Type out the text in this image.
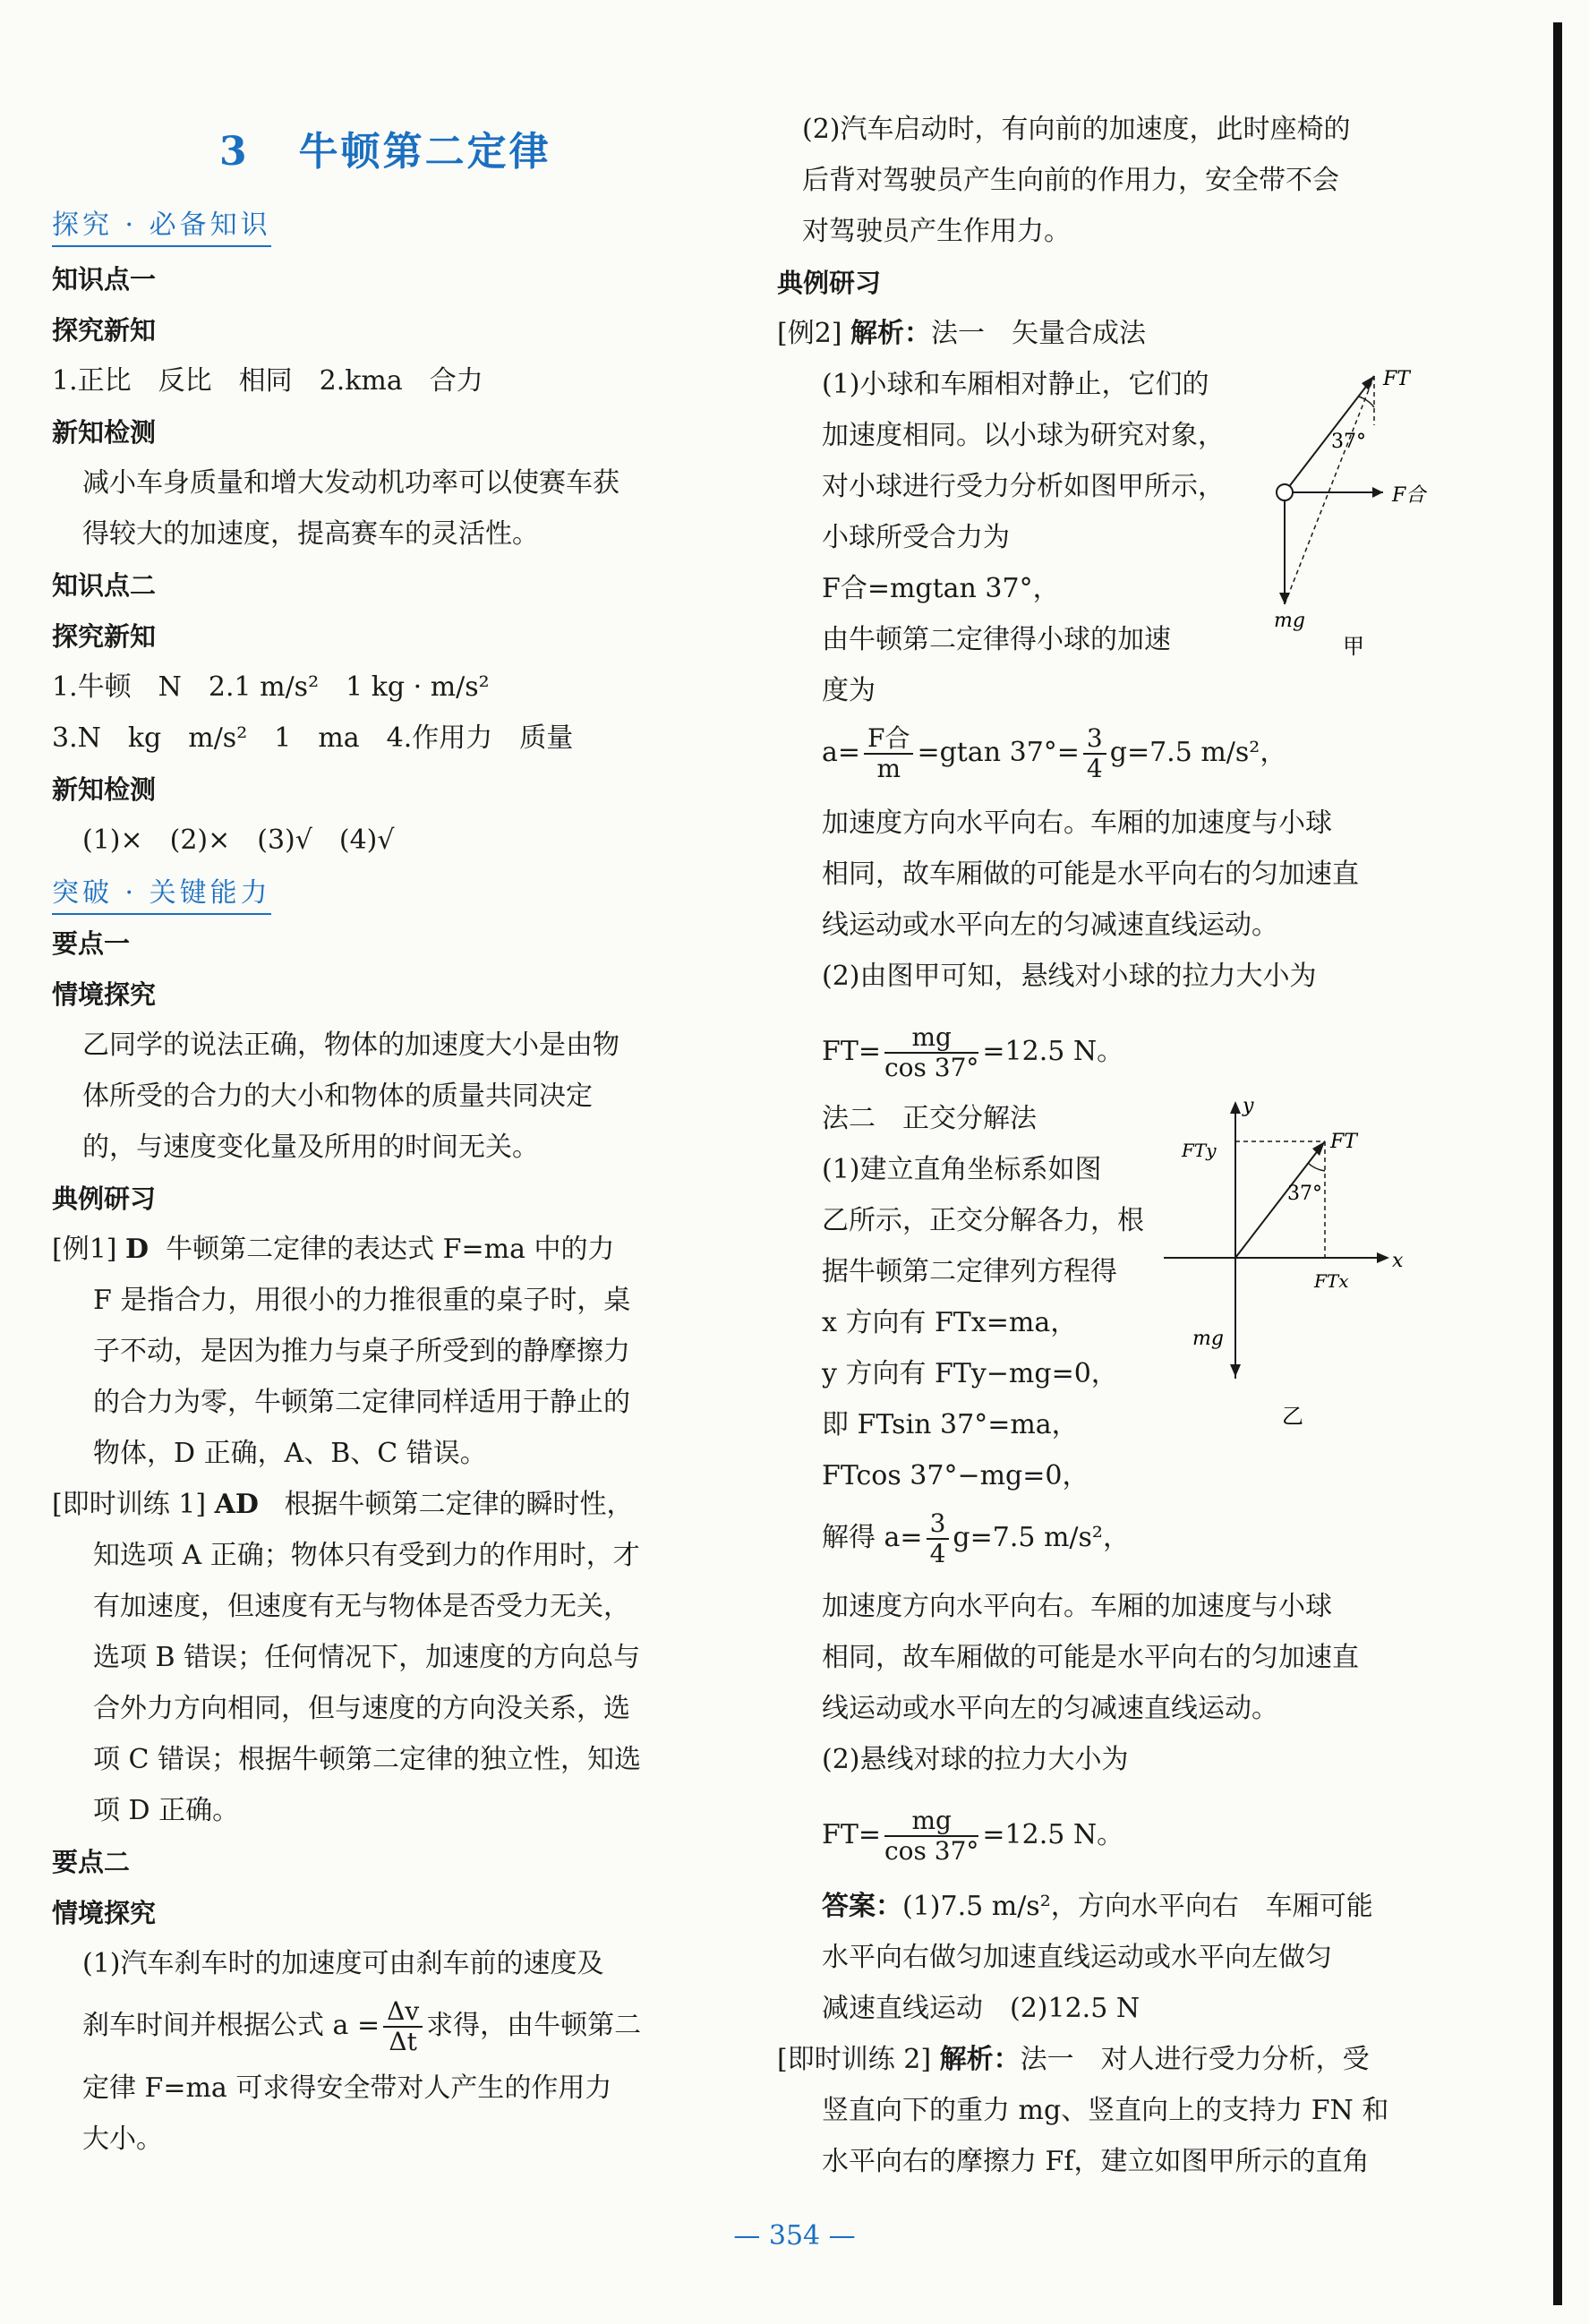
3 牛顿第二定律
探究 · 必备知识
知识点一
探究新知
1.正比　反比　相同　2.kma　合力
新知检测
减小车身质量和增大发动机功率可以使赛车获
得较大的加速度，提高赛车的灵活性。
知识点二
探究新知
1.牛顿　N　2.1 m/s²　1 kg · m/s²
3.N　kg　m/s²　1　ma　4.作用力　质量
新知检测
(1)×　(2)×　(3)√　(4)√
突破 · 关键能力
要点一
情境探究
乙同学的说法正确，物体的加速度大小是由物
体所受的合力的大小和物体的质量共同决定
的，与速度变化量及所用的时间无关。
典例研习
[例1] D 牛顿第二定律的表达式 F=ma 中的力
F 是指合力，用很小的力推很重的桌子时，桌
子不动，是因为推力与桌子所受到的静摩擦力
的合力为零，牛顿第二定律同样适用于静止的
物体，D 正确，A、B、C 错误。
[即时训练 1] AD 根据牛顿第二定律的瞬时性，
知选项 A 正确；物体只有受到力的作用时，才
有加速度，但速度有无与物体是否受力无关，
选项 B 错误；任何情况下，加速度的方向总与
合外力方向相同，但与速度的方向没关系，选
项 C 错误；根据牛顿第二定律的独立性，知选
项 D 正确。
要点二
情境探究
(1)汽车刹车时的加速度可由刹车前的速度及
刹车时间并根据公式 $a = \frac{\Delta v}{\Delta t}$ 求得，由牛顿第二
定律 F=ma 可求得安全带对人产生的作用力
大小。
(2)汽车启动时，有向前的加速度，此时座椅的
后背对驾驶员产生向前的作用力，安全带不会
对驾驶员产生作用力。
典例研习
[例2] 解析：法一　矢量合成法
(1)小球和车厢相对静止，它们的
加速度相同。以小球为研究对象，
对小球进行受力分析如图甲所示，
小球所受合力为
F合=mgtan 37°，
由牛顿第二定律得小球的加速
度为
$a= \frac{\text{F合}}{m} =gtan$ $37^\circ= \frac{3}{4} g=7.5$ m/s²，
加速度方向水平向右。车厢的加速度与小球
相同，故车厢做的可能是水平向右的匀加速直
线运动或水平向左的匀减速直线运动。
(2)由图甲可知，悬线对小球的拉力大小为
$FT= \frac{mg}{\cos 37^\circ} =12.5$ N。
法二　正交分解法
(1)建立直角坐标系如图
乙所示，正交分解各力，根
据牛顿第二定律列方程得
x 方向有 FTx=ma，
y 方向有 FTy−mg=0，
即 FTsin 37°=ma，
FTcos 37°−mg=0，
解得 $a= \frac{3}{4} g=7.5$ m/s²，
加速度方向水平向右。车厢的加速度与小球
相同，故车厢做的可能是水平向右的匀加速直
线运动或水平向左的匀减速直线运动。
(2)悬线对球的拉力大小为
$FT= \frac{mg}{\cos 37^\circ} =12.5$ N。
答案：(1)7.5 m/s²，方向水平向右　车厢可能
水平向右做匀加速直线运动或水平向左做匀
减速直线运动　(2)12.5 N
[即时训练 2] 解析：法一　对人进行受力分析，受
竖直向下的重力 mg、竖直向上的支持力 FN 和
水平向右的摩擦力 Ff，建立如图甲所示的直角
FT
37°
F合
mg
甲
y
x
FTy	FT
37°
FTx
mg
乙
— 354 —
